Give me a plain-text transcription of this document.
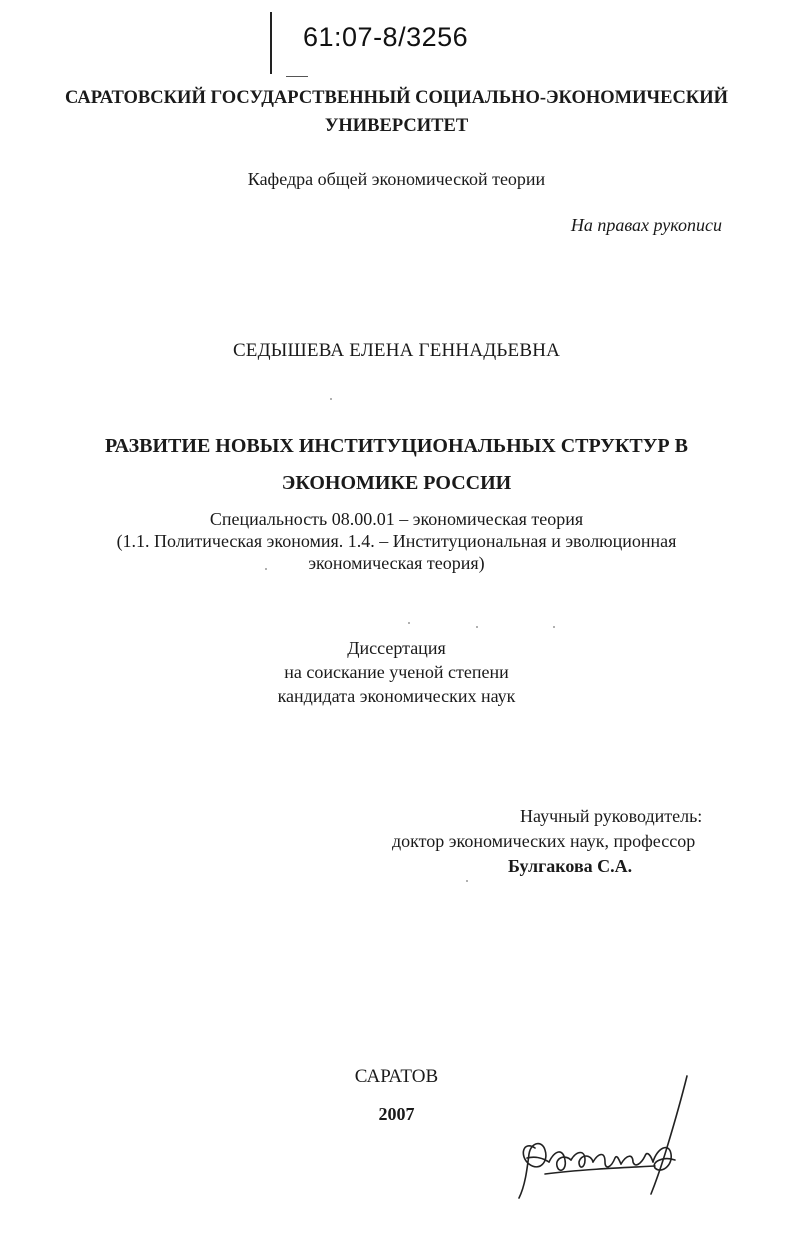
61:07-8/3256
САРАТОВСКИЙ ГОСУДАРСТВЕННЫЙ СОЦИАЛЬНО-ЭКОНОМИЧЕСКИЙ
УНИВЕРСИТЕТ
Кафедра общей экономической теории
На правах рукописи
СЕДЫШЕВА ЕЛЕНА ГЕННАДЬЕВНА
РАЗВИТИЕ НОВЫХ ИНСТИТУЦИОНАЛЬНЫХ СТРУКТУР В
ЭКОНОМИКЕ РОССИИ
Специальность 08.00.01 – экономическая теория
(1.1. Политическая экономия. 1.4. – Институциональная и эволюционная
экономическая теория)
Диссертация
на соискание ученой степени
кандидата экономических наук
Научный руководитель:
доктор экономических наук, профессор
Булгакова С.А.
САРАТОВ
2007
